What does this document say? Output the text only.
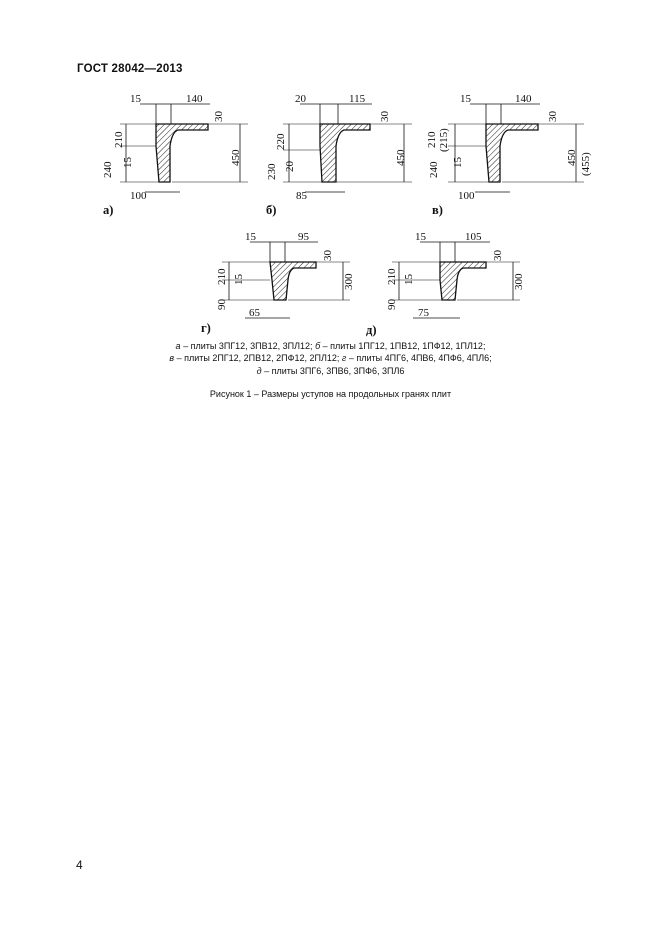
ГОСТ 28042—2013
15	140
30
210
240 15	450
100
а)
20	115
30
220
230 20
450
85
б)
15	140
30
210 (215)
240 15	450 (455)
100
в)
15	95
30
210
90
15	300
65
г)
15	105
30
210
90
15	300
75
д)
а – плиты 3ПГ12, 3ПВ12, 3ПЛ12; б – плиты 1ПГ12, 1ПВ12, 1ПФ12, 1ПЛ12;
в – плиты 2ПГ12, 2ПВ12, 2ПФ12, 2ПЛ12; г – плиты 4ПГ6, 4ПВ6, 4ПФ6, 4ПЛ6;
д – плиты 3ПГ6, 3ПВ6, 3ПФ6, 3ПЛ6
Рисунок 1 – Размеры уступов на продольных гранях плит
4
